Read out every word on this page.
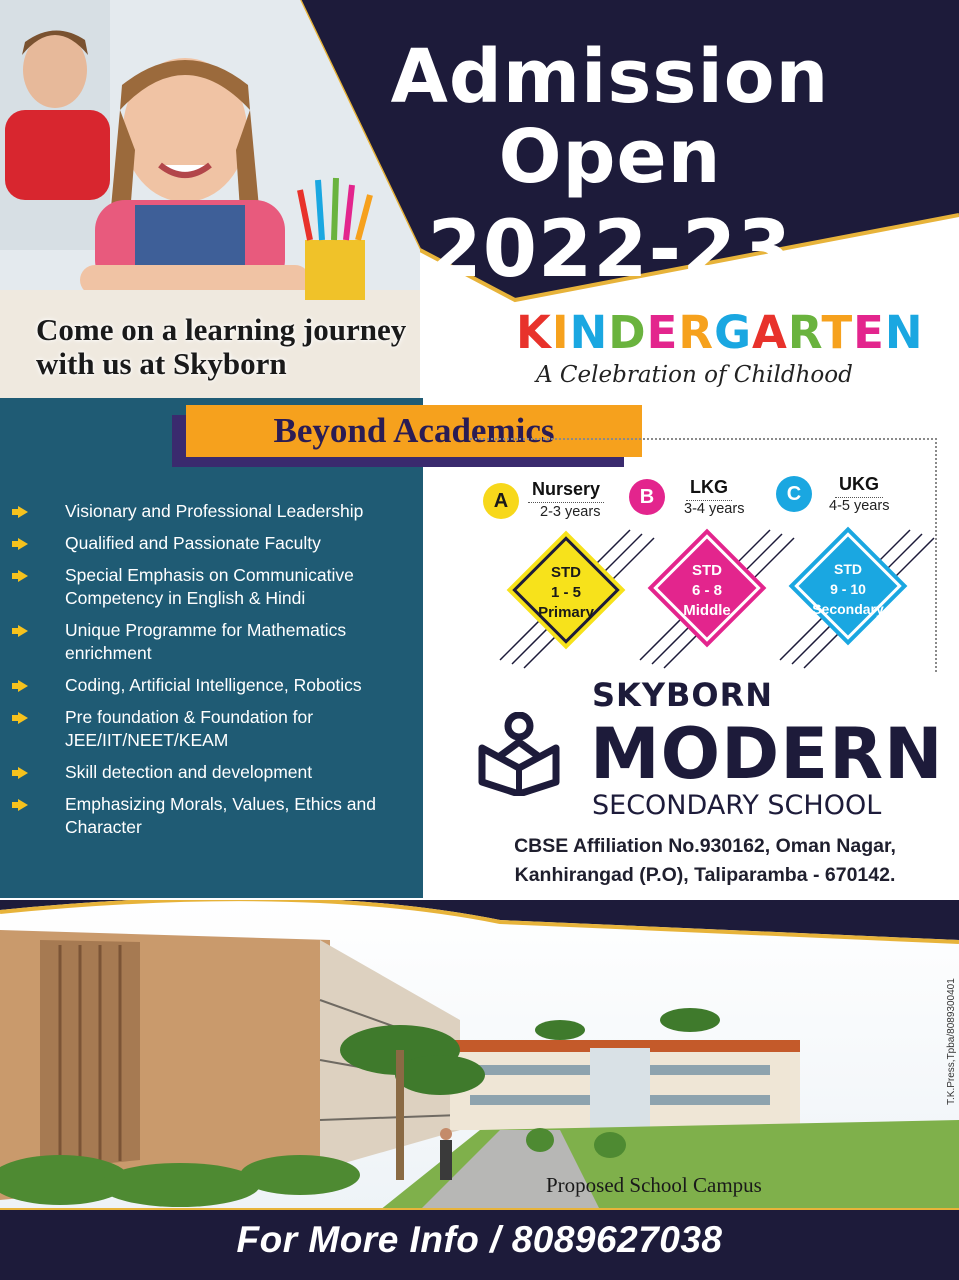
Admission Open
2022-23
Come on a learning journey
with us at Skyborn
Beyond Academics
Visionary and Professional Leadership
Qualified and Passionate Faculty
Special Emphasis on Communicative Competency in English & Hindi
Unique Programme for Mathematics enrichment
Coding, Artificial Intelligence, Robotics
Pre foundation & Foundation for JEE/IIT/NEET/KEAM
Skill detection and development
Emphasizing Morals, Values, Ethics and Character
KINDERGARTEN
A Celebration of Childhood
A
Nursery
2-3 years
B	LKG
3-4 years
C	UKG
4-5 years
STD
1 - 5
Primary
STD
6 - 8
Middle
STD
9 - 10
Secondary
SKYBORN
MODERN
SECONDARY SCHOOL
CBSE Affiliation No.930162, Oman Nagar,
Kanhirangad (P.O), Taliparamba - 670142.
Proposed School Campus
T.K.Press,Tpba/8089300401
For More Info / 8089627038
